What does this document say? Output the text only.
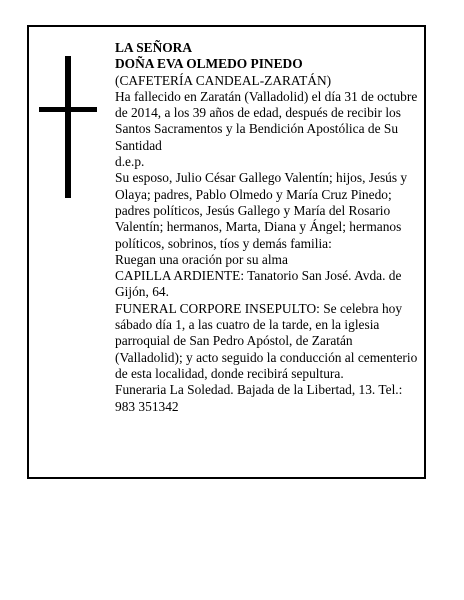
LA SEÑORA

DOÑA EVA OLMEDO PINEDO

(CAFETERÍA CANDEAL-ZARATÁN)

Ha fallecido en Zaratán (Valladolid) el día 31 de octubre de 2014, a los 39 años de edad, después de recibir los Santos Sacramentos y la Bendición Apostólica de Su Santidad

d.e.p.

Su esposo, Julio César Gallego Valentín; hijos, Jesús y Olaya; padres, Pablo Olmedo y María Cruz Pinedo; padres políticos, Jesús Gallego y María del Rosario Valentín; hermanos, Marta, Diana y Ángel; hermanos políticos, sobrinos, tíos y demás familia:

Ruegan una oración por su alma

CAPILLA ARDIENTE: Tanatorio San José. Avda. de Gijón, 64.

FUNERAL CORPORE INSEPULTO: Se celebra hoy sábado día 1, a las cuatro de la tarde, en la iglesia parroquial de San Pedro Apóstol, de Zaratán (Valladolid); y acto seguido la conducción al cementerio de esta localidad, donde recibirá sepultura.

Funeraria La Soledad. Bajada de la Libertad, 13. Tel.: 983 351342
